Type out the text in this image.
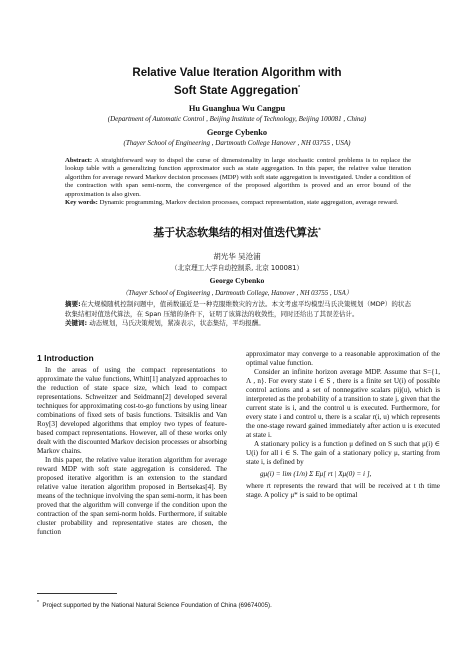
Relative Value Iteration Algorithm with
Soft State Aggregation*
Hu Guanghua Wu Cangpu
(Department of Automatic Control , Beijing Institute of Technology, Beijing 100081 , China)
George Cybenko
(Thayer School of Engineering , Dartmouth College Hanover , NH 03755 , USA)
Abstract: A straightforward way to dispel the curse of dimensionality in large stochastic control problems is to replace the lookup table with a generalizing function approximator such as state aggregation. In this paper, the relative value iteration algorithm for average reward Markov decision processes (MDP) with soft state aggregation is investigated. Under a condition of the contraction with span semi-norm, the convergence of the proposed algorithm is proved and an error bound of the approximation is also given.
Key words: Dynamic programming, Markov decision processes, compact representation, state aggregation, average reward.
基于状态软集结的相对值迭代算法*
胡光华 吴沧浦
（北京理工大学自动控制系, 北京 100081）
George Cybenko
（Thayer School of Engineering , Dartmouth College, Hanover , NH 03755 , USA）
摘要:在大规模随机控制问题中，值函数逼近是一种克服维数灾的方法。本文考虑平均模型马氏决策规划（MDP）的状态软集结相对值迭代算法，在 Span 压缩的条件下，证明了该算法的收敛性，同时还给出了其误差估计。
关键词: 动态规划，马氏决策规划，紧凑表示，状态集结，平均报酬。
1 Introduction

In the areas of using the compact representations to approximate the value functions, Whitt[1] analyzed approaches to the reduction of state space size, which lead to compact representations. Schweitzer and Seidmann[2] developed several techniques for approximating cost-to-go functions by using linear combinations of fixed sets of basis functions. Tsitsiklis and Van Roy[3] developed algorithms that employ two types of feature-based compact representations. However, all of these works only dealt with the discounted Markov decision processes or absorbing Markov chains.

In this paper, the relative value iteration algorithm for average reward MDP with soft state aggregation is considered. The proposed iterative algorithm is an extension to the standard relative value iteration algorithm proposed in Bertsekas[4]. By means of the technique involving the span semi-norm, it has been proved that the algorithm will converge if the condition upon the contraction of the span semi-norm holds. Furthermore, if suitable cluster probability and representative states are chosen, the function

approximator may converge to a reasonable approximation of the optimal value function.

Consider an infinite horizon average MDP. Assume that S={1, Λ , n}. For every state i ∈ S , there is a finite set U(i) of possible control actions and a set of nonnegative scalars pij(u), which is interpreted as the probability of a transition to state j, given that the current state is i, and the control u is executed. Furthermore, for every state i and control u, there is a scalar r(i, u) which represents the one-stage reward gained immediately after action u is executed at state i.

A stationary policy is a function μ defined on S such that μ(i) ∈ U(i) for all i ∈ S. The gain of a stationary policy μ, starting from state i, is defined by

gμ(i) = lim (1/n) Σ Eμ[ rt | Xμ(0) = i ],

where rt represents the reward that will be received at t th time stage. A policy μ* is said to be optimal

* Project supported by the National Natural Science Foundation of China (69674005).
